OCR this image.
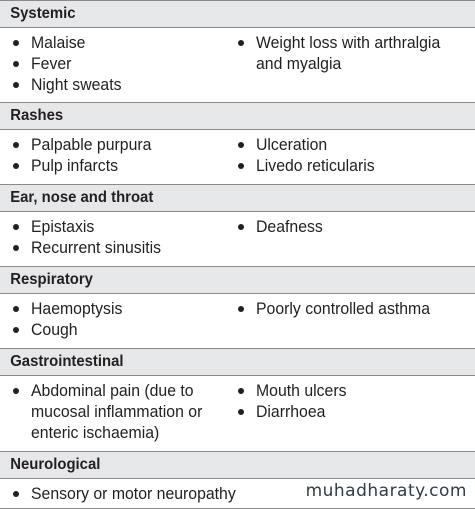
Systemic
Malaise
Fever
Night sweats
Weight loss with arthralgia
and myalgia
Rashes
Palpable purpura
Pulp infarcts
Ulceration
Livedo reticularis
Ear, nose and throat
Epistaxis
Recurrent sinusitis
Deafness
Respiratory
Haemoptysis
Cough
Poorly controlled asthma
Gastrointestinal
Abdominal pain (due to
mucosal inflammation or
enteric ischaemia)
Mouth ulcers
Diarrhoea
Neurological
Sensory or motor neuropathy	muhadharaty.com
